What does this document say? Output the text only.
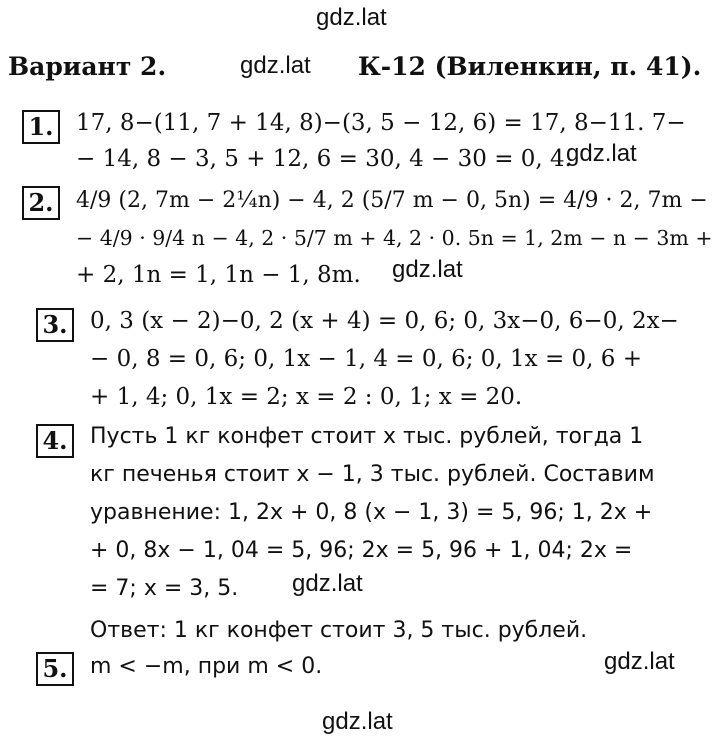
gdz.lat
gdz.lat
gdz.lat
gdz.lat
gdz.lat
gdz.lat
gdz.lat
Вариант 2.	К-12 (Виленкин, п. 41).
1. 17, 8−(11, 7 + 14, 8)−(3, 5 − 12, 6) = 17, 8−11. 7−
− 14, 8 − 3, 5 + 12, 6 = 30, 4 − 30 = 0, 4.
2. 4/9 (2, 7m − 2¼n) − 4, 2 (5/7 m − 0, 5n) = 4/9 · 2, 7m −
− 4/9 · 9/4 n − 4, 2 · 5/7 m + 4, 2 · 0. 5n = 1, 2m − n − 3m +
+ 2, 1n = 1, 1n − 1, 8m.
3. 0, 3 (x − 2)−0, 2 (x + 4) = 0, 6; 0, 3x−0, 6−0, 2x−
− 0, 8 = 0, 6; 0, 1x − 1, 4 = 0, 6; 0, 1x = 0, 6 +
+ 1, 4; 0, 1x = 2; x = 2 : 0, 1; x = 20.
4. Пусть 1 кг конфет стоит x тыс. рублей, тогда 1
кг печенья стоит x − 1, 3 тыс. рублей. Составим
уравнение: 1, 2x + 0, 8 (x − 1, 3) = 5, 96; 1, 2x +
+ 0, 8x − 1, 04 = 5, 96; 2x = 5, 96 + 1, 04; 2x =
= 7; x = 3, 5.
Ответ: 1 кг конфет стоит 3, 5 тыс. рублей.
5. m < −m, при m < 0.
